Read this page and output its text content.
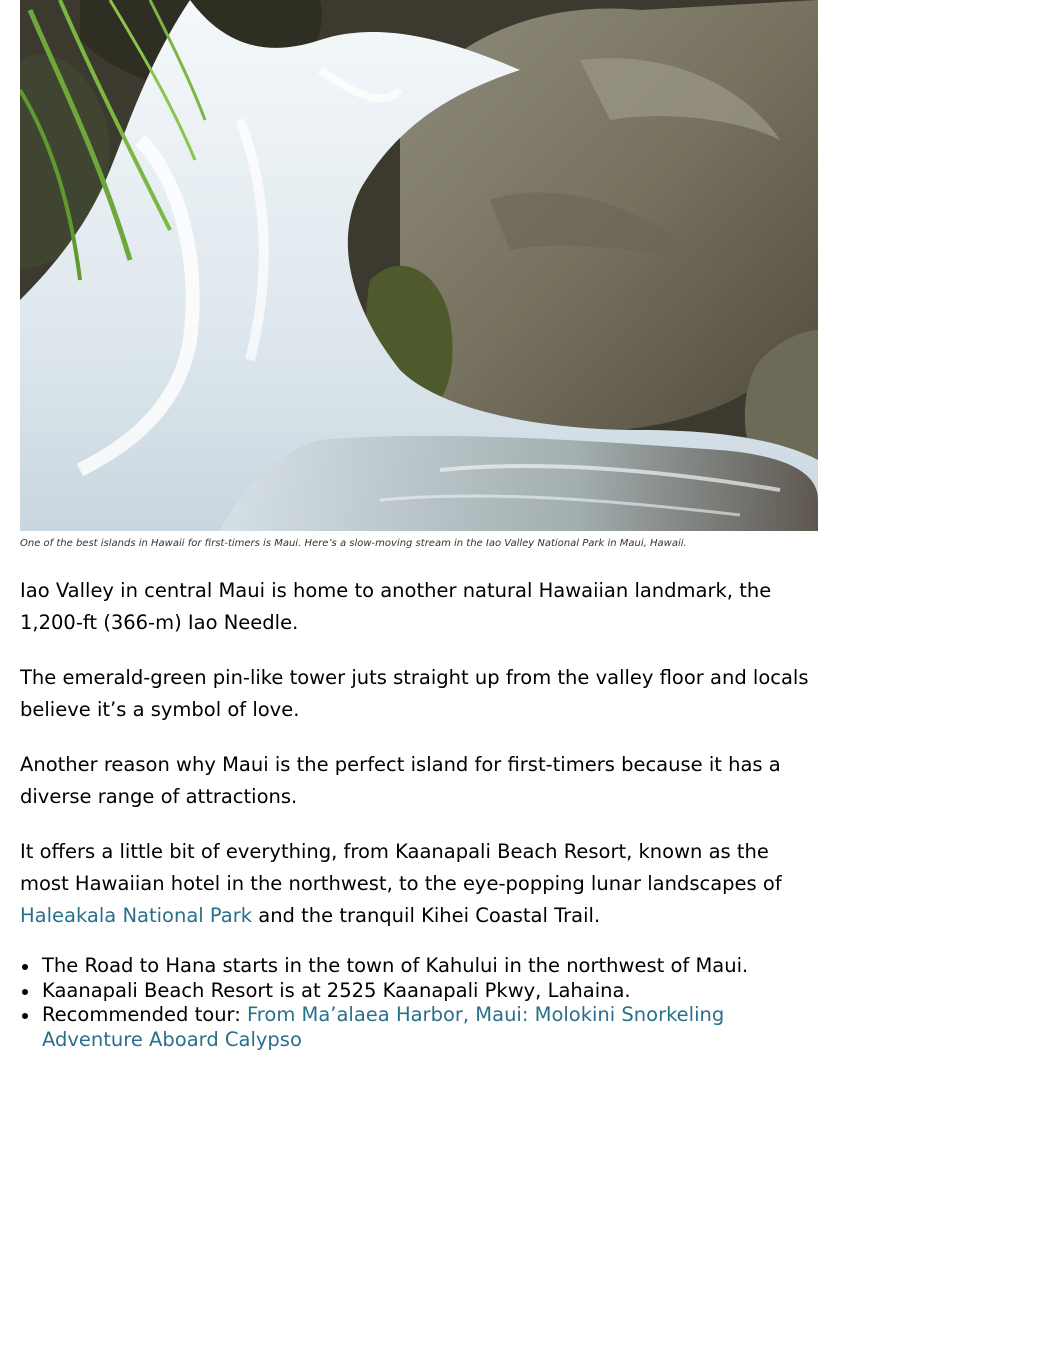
One of the best islands in Hawaii for first-timers is Maui. Here’s a slow-moving stream in the Iao Valley National Park in Maui, Hawaii.

Iao Valley in central Maui is home to another natural Hawaiian landmark, the 1,200-ft (366-m) Iao Needle.

The emerald-green pin-like tower juts straight up from the valley floor and locals believe it’s a symbol of love.

Another reason why Maui is the perfect island for first-timers because it has a diverse range of attractions.

It offers a little bit of everything, from Kaanapali Beach Resort, known as the most Hawaiian hotel in the northwest, to the eye-popping lunar landscapes of Haleakala National Park and the tranquil Kihei Coastal Trail.

The Road to Hana starts in the town of Kahului in the northwest of Maui.
Kaanapali Beach Resort is at 2525 Kaanapali Pkwy, Lahaina.
Recommended tour: From Ma’alaea Harbor, Maui: Molokini Snorkeling Adventure Aboard Calypso
